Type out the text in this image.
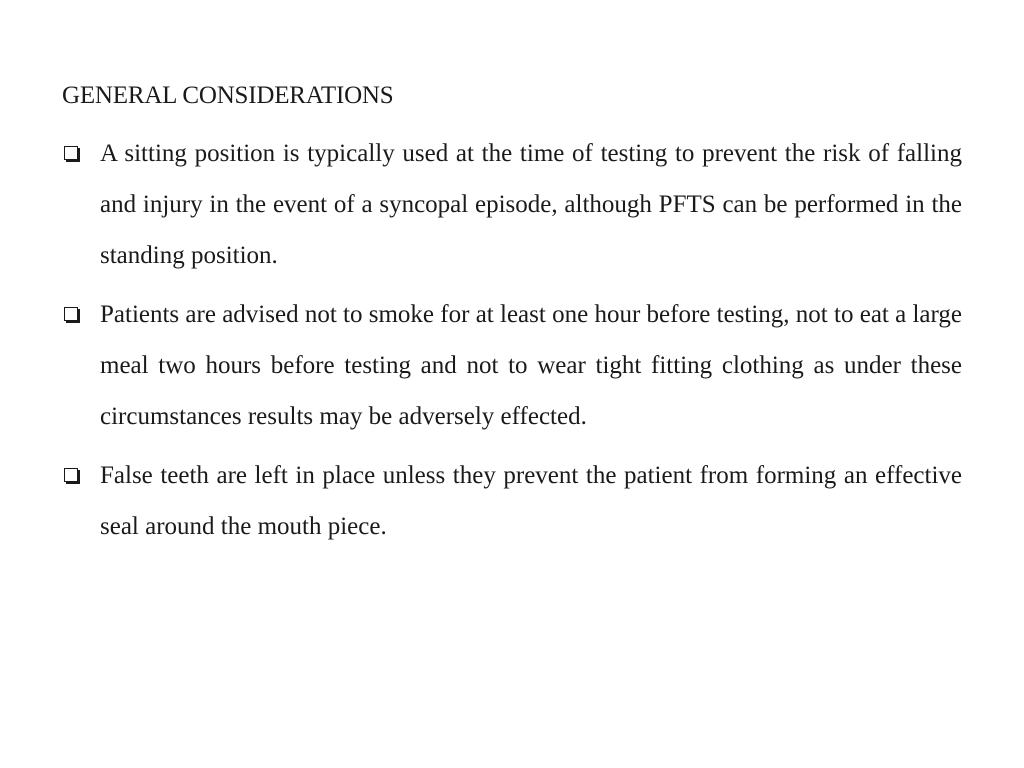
GENERAL CONSIDERATIONS
A sitting position is typically used at the time of testing to prevent the risk of falling and injury in the event of a syncopal episode, although PFTS can be performed in the standing position.
Patients are advised not to smoke for at least one hour before testing, not to eat a large meal two hours before testing and not to wear tight fitting clothing as under these circumstances results may be adversely effected.
False teeth are left in place unless they prevent the patient from forming an effective seal around the mouth piece.
